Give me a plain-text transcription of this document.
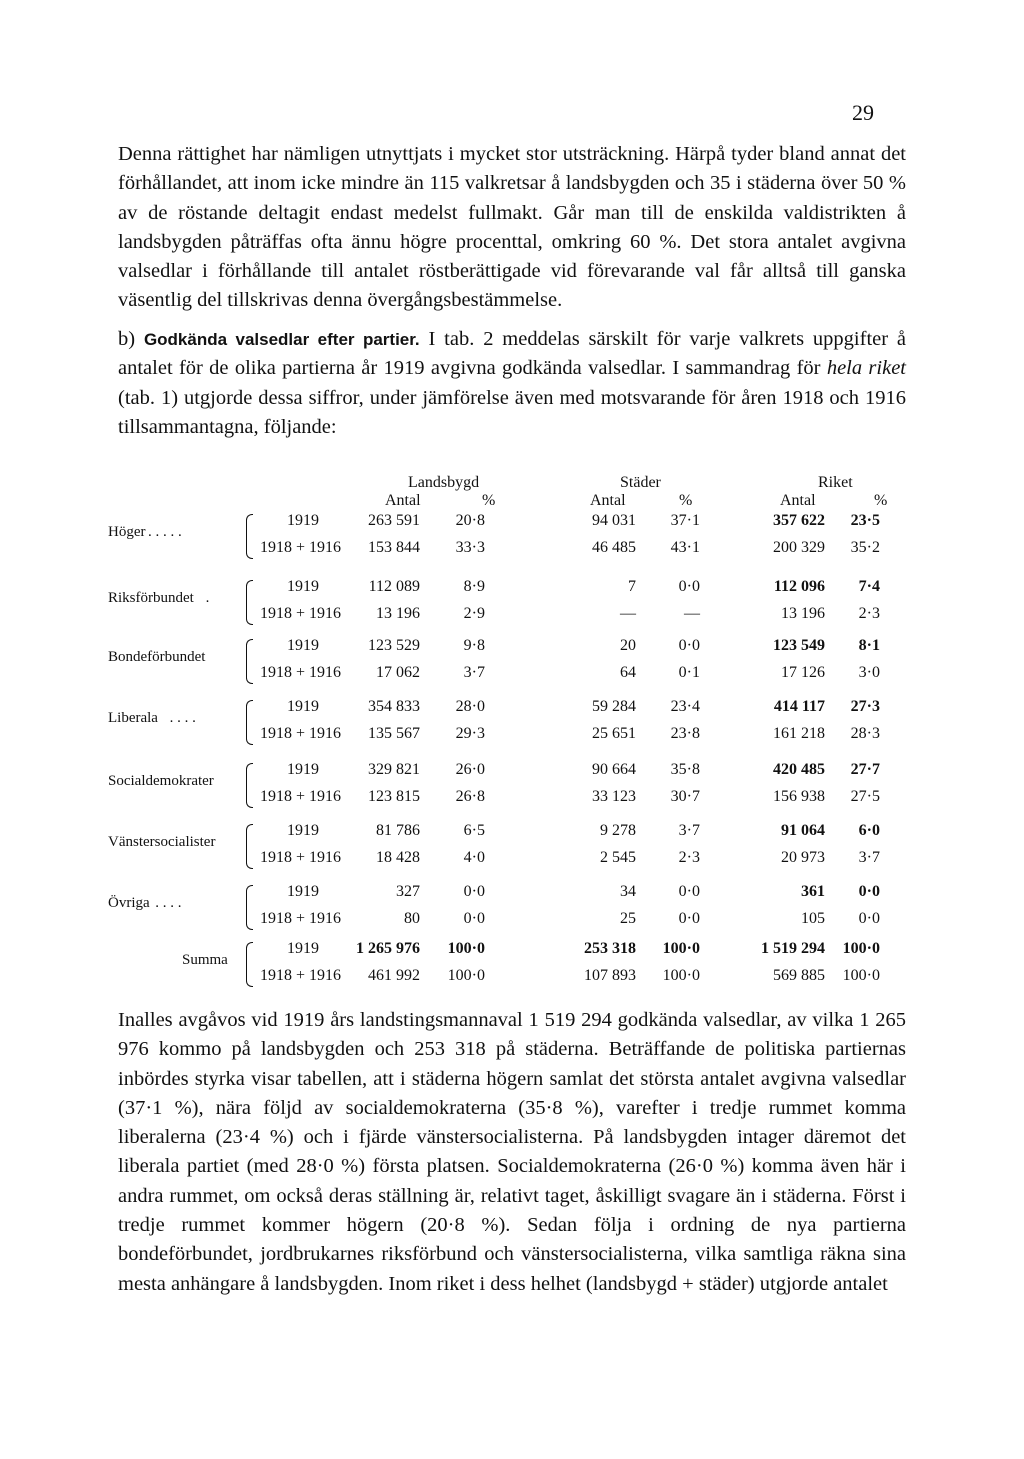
29

Denna rättighet har nämligen utnyttjats i mycket stor utsträckning. Härpå tyder bland annat det förhållandet, att inom icke mindre än 115 valkretsar å landsbygden och 35 i städerna över 50 % av de röstande deltagit endast medelst fullmakt. Går man till de enskilda valdistrikten å landsbygden påträffas ofta ännu högre procenttal, omkring 60 %. Det stora antalet avgivna valsedlar i förhållande till antalet röstberättigade vid förevarande val får alltså till ganska väsentlig del tillskrivas denna övergångsbestämmelse.

b) Godkända valsedlar efter partier. I tab. 2 meddelas särskilt för varje valkrets uppgifter å antalet för de olika partierna år 1919 avgivna godkända valsedlar. I sammandrag för hela riket (tab. 1) utgjorde dessa siffror, under jämförelse även med motsvarande för åren 1918 och 1916 tillsammantagna, följande:

Landsbygd	Städer	Riket
Antal	%	Antal	%	Antal	%
Höger . . . . .
1919	263 591	20·8	94 031	37·1	357 622	23·5
1918 + 1916	153 844	33·3	46 485	43·1	200 329	35·2
Riksförbundet .
1919	112 089	8·9	7	0·0	112 096	7·4
1918 + 1916	13 196	2·9	—	—	13 196	2·3
Bondeförbundet
1919	123 529	9·8	20	0·0	123 549	8·1
1918 + 1916	17 062	3·7	64	0·1	17 126	3·0
Liberala . . . .
1919	354 833	28·0	59 284	23·4	414 117	27·3
1918 + 1916	135 567	29·3	25 651	23·8	161 218	28·3
Socialdemokrater
1919	329 821	26·0	90 664	35·8	420 485	27·7
1918 + 1916	123 815	26·8	33 123	30·7	156 938	27·5
Vänstersocialister
1919	81 786	6·5	9 278	3·7	91 064	6·0
1918 + 1916	18 428	4·0	2 545	2·3	20 973	3·7
Övriga . . . .
1919	327	0·0	34	0·0	361	0·0
1918 + 1916	80	0·0	25	0·0	105	0·0
Summa
1919	1 265 976	100·0	253 318	100·0	1 519 294	100·0
1918 + 1916	461 992	100·0	107 893	100·0	569 885	100·0

Inalles avgåvos vid 1919 års landstingsmannaval 1 519 294 godkända valsedlar, av vilka 1 265 976 kommo på landsbygden och 253 318 på städerna. Beträffande de politiska partiernas inbördes styrka visar tabellen, att i städerna högern samlat det största antalet avgivna valsedlar (37·1 %), nära följd av socialdemokraterna (35·8 %), varefter i tredje rummet komma liberalerna (23·4 %) och i fjärde vänstersocialisterna. På landsbygden intager däremot det liberala partiet (med 28·0 %) första platsen. Socialdemokraterna (26·0 %) komma även här i andra rummet, om också deras ställning är, relativt taget, åskilligt svagare än i städerna. Först i tredje rummet kommer högern (20·8 %). Sedan följa i ordning de nya partierna bondeförbundet, jordbrukarnes riksförbund och vänstersocialisterna, vilka samtliga räkna sina mesta anhängare å landsbygden. Inom riket i dess helhet (landsbygd + städer) utgjorde antalet
